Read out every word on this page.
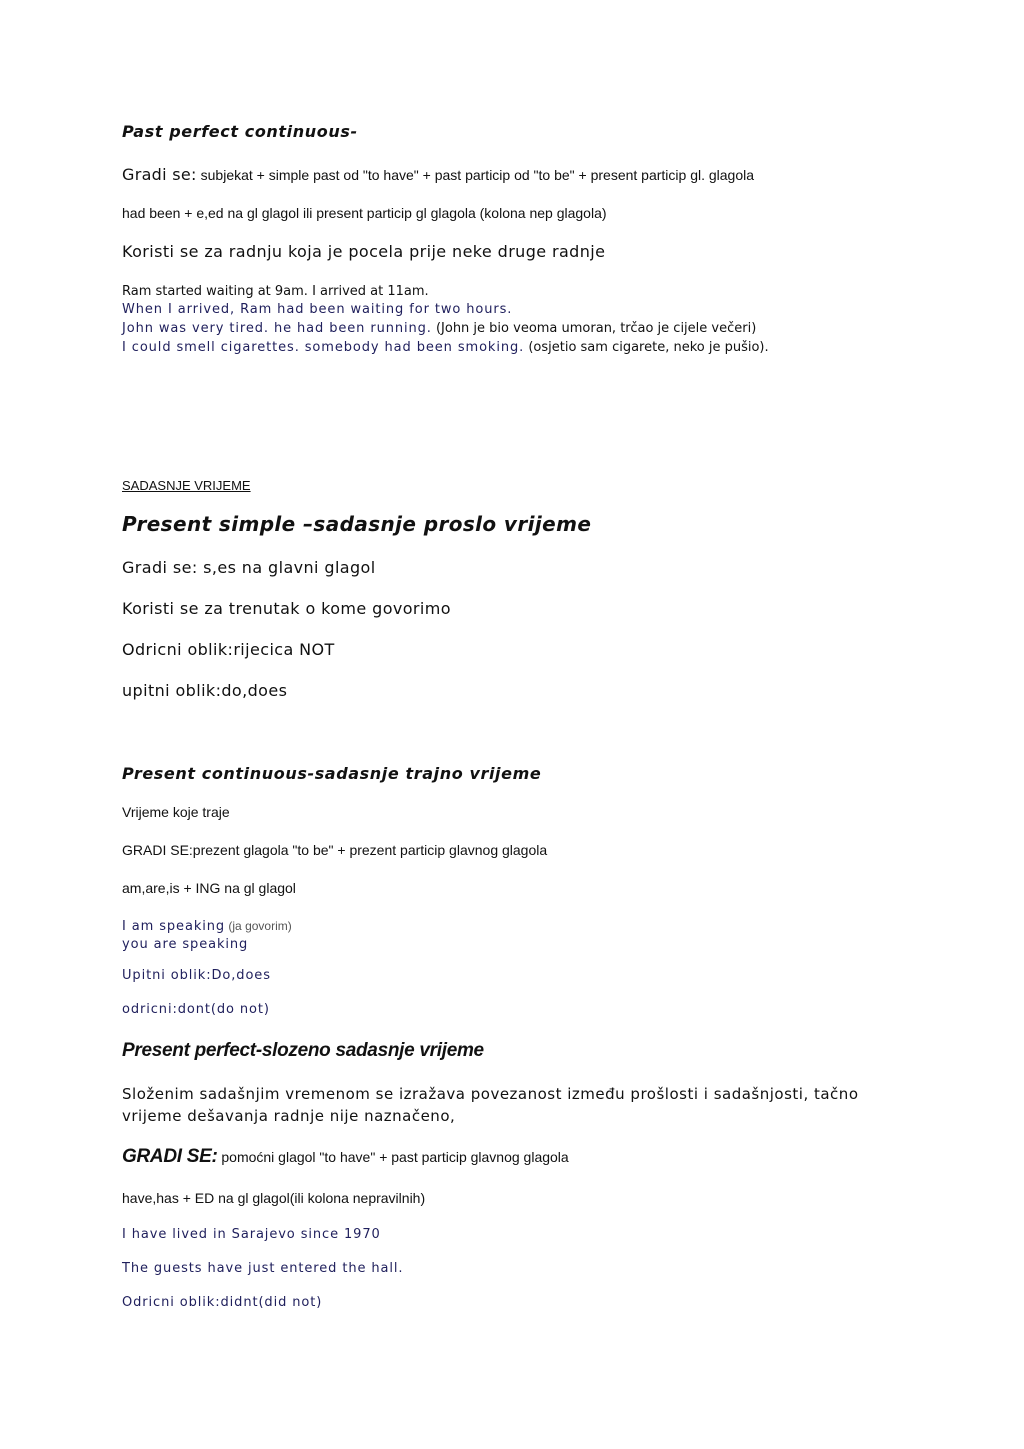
Past perfect continuous-
Gradi se: subjekat + simple past od "to have" + past particip od "to be" + present particip gl. glagola
had been + e,ed na gl glagol ili present particip gl glagola (kolona nep glagola)
Koristi se za radnju koja je pocela prije neke druge radnje
Ram started waiting at 9am. I arrived at 11am.
When I arrived, Ram had been waiting for two hours.
John was very tired. he had been running. (John je bio veoma umoran, trčao je cijele večeri)
I could smell cigarettes. somebody had been smoking. (osjetio sam cigarete, neko je pušio).
SADASNJE VRIJEME
Present simple –sadasnje proslo vrijeme
Gradi se: s,es na glavni glagol
Koristi se za trenutak o kome govorimo
Odricni oblik:rijecica NOT
upitni oblik:do,does
Present continuous-sadasnje trajno vrijeme
Vrijeme koje traje
GRADI SE:prezent glagola "to be" + prezent particip glavnog glagola
am,are,is + ING na gl glagol
I am speaking (ja govorim)
you are speaking
Upitni oblik:Do,does
odricni:dont(do not)
Present perfect-slozeno sadasnje vrijeme
Složenim sadašnjim vremenom se izražava povezanost između prošlosti i sadašnjosti, tačno
vrijeme dešavanja radnje nije naznačeno,
GRADI SE: pomoćni glagol "to have" + past particip glavnog glagola
have,has + ED na gl glagol(ili kolona nepravilnih)
I have lived in Sarajevo since 1970
The guests have just entered the hall.
Odricni oblik:didnt(did not)
